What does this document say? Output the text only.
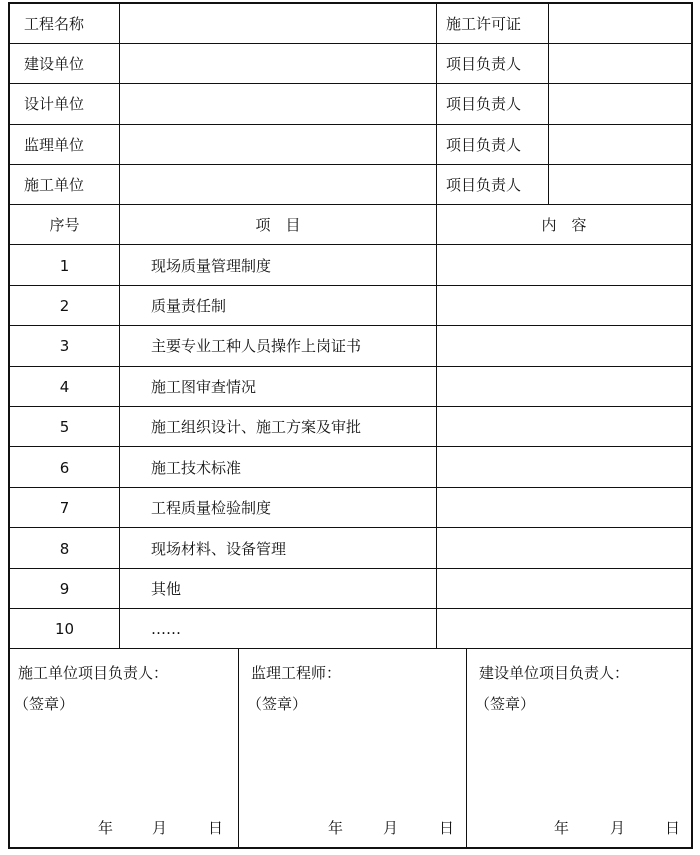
工程名称	施工许可证
建设单位	项目负责人
设计单位	项目负责人
监理单位	项目负责人
施工单位	项目负责人
序号	项　目	内　容
1	现场质量管理制度
2	质量责任制
3	主要专业工种人员操作上岗证书
4	施工图审查情况
5	施工组织设计、施工方案及审批
6	施工技术标准
7	工程质量检验制度
8	现场材料、设备管理
9	其他
10	……
施工单位项目负责人：
（签章）
年	月	日
监理工程师：
（签章）
年	月	日
建设单位项目负责人：
（签章）
年	月	日
